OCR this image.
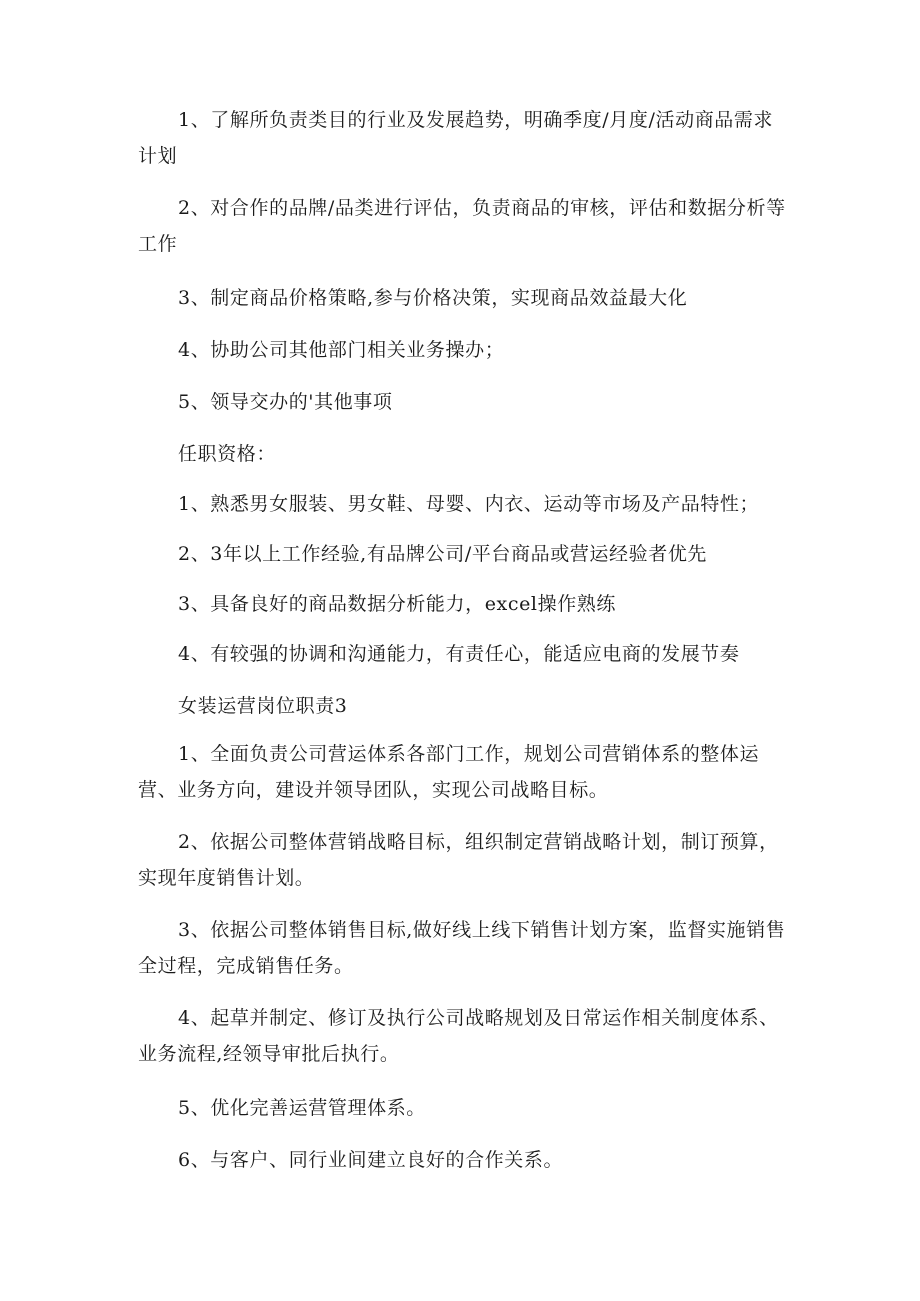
1、了解所负责类目的行业及发展趋势，明确季度/月度/活动商品需求计划

2、对合作的品牌/品类进行评估，负责商品的审核，评估和数据分析等工作

3、制定商品价格策略,参与价格决策，实现商品效益最大化

4、协助公司其他部门相关业务操办；

5、领导交办的'其他事项

任职资格：

1、熟悉男女服装、男女鞋、母婴、内衣、运动等市场及产品特性；

2、3年以上工作经验,有品牌公司/平台商品或营运经验者优先

3、具备良好的商品数据分析能力，excel操作熟练

4、有较强的协调和沟通能力，有责任心，能适应电商的发展节奏

女装运营岗位职责3

1、全面负责公司营运体系各部门工作，规划公司营销体系的整体运营、业务方向，建设并领导团队，实现公司战略目标。

2、依据公司整体营销战略目标，组织制定营销战略计划，制订预算，实现年度销售计划。

3、依据公司整体销售目标,做好线上线下销售计划方案，监督实施销售全过程，完成销售任务。

4、起草并制定、修订及执行公司战略规划及日常运作相关制度体系、业务流程,经领导审批后执行。

5、优化完善运营管理体系。

6、与客户、同行业间建立良好的合作关系。
